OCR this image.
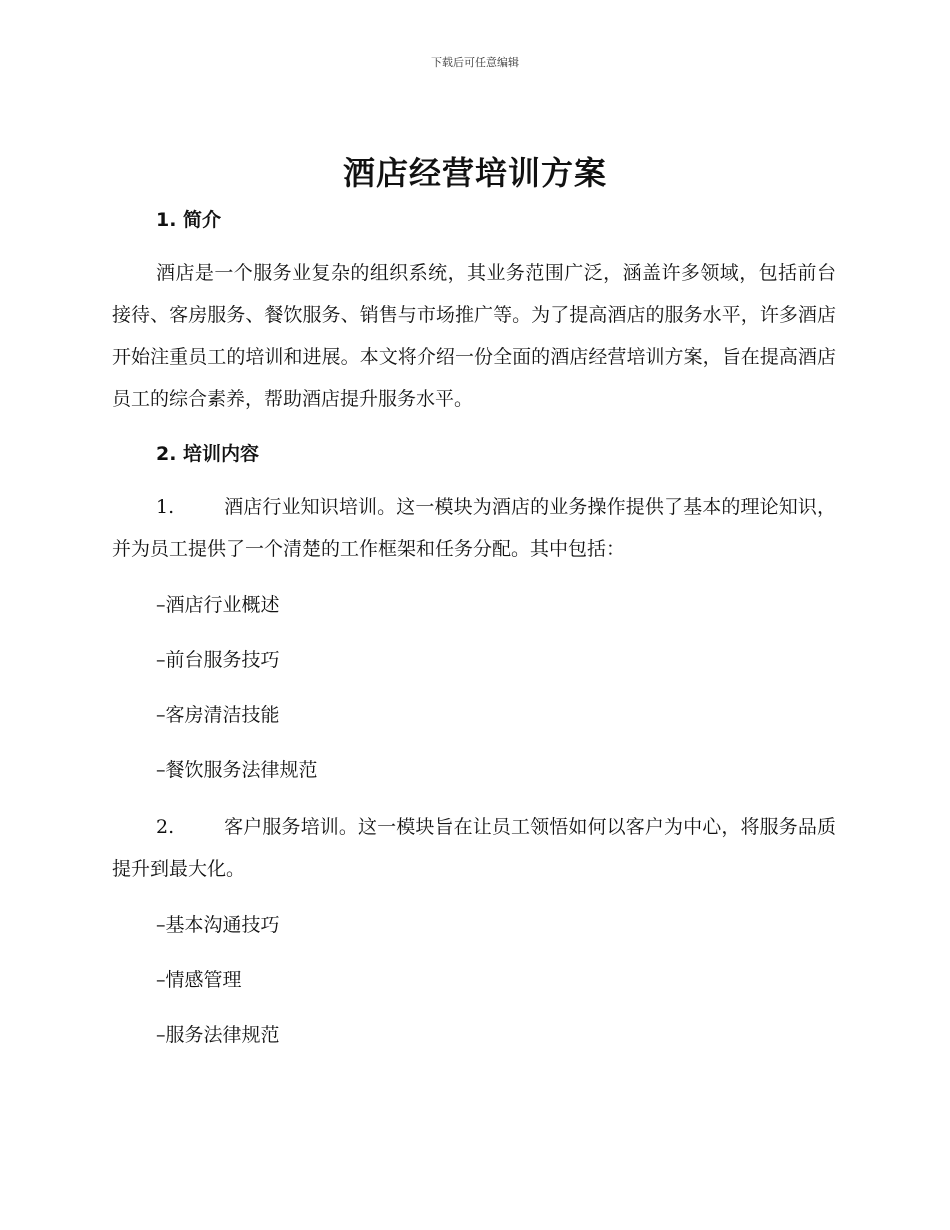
下载后可任意编辑
酒店经营培训方案
1. 简介
酒店是一个服务业复杂的组织系统，其业务范围广泛，涵盖许多领域，包括前台接待、客房服务、餐饮服务、销售与市场推广等。为了提高酒店的服务水平，许多酒店开始注重员工的培训和进展。本文将介绍一份全面的酒店经营培训方案，旨在提高酒店员工的综合素养，帮助酒店提升服务水平。
2. 培训内容
1.	酒店行业知识培训。这一模块为酒店的业务操作提供了基本的理论知识，并为员工提供了一个清楚的工作框架和任务分配。其中包括：
–酒店行业概述
–前台服务技巧
–客房清洁技能
–餐饮服务法律规范
2.	客户服务培训。这一模块旨在让员工领悟如何以客户为中心，将服务品质提升到最大化。
–基本沟通技巧
–情感管理
–服务法律规范
